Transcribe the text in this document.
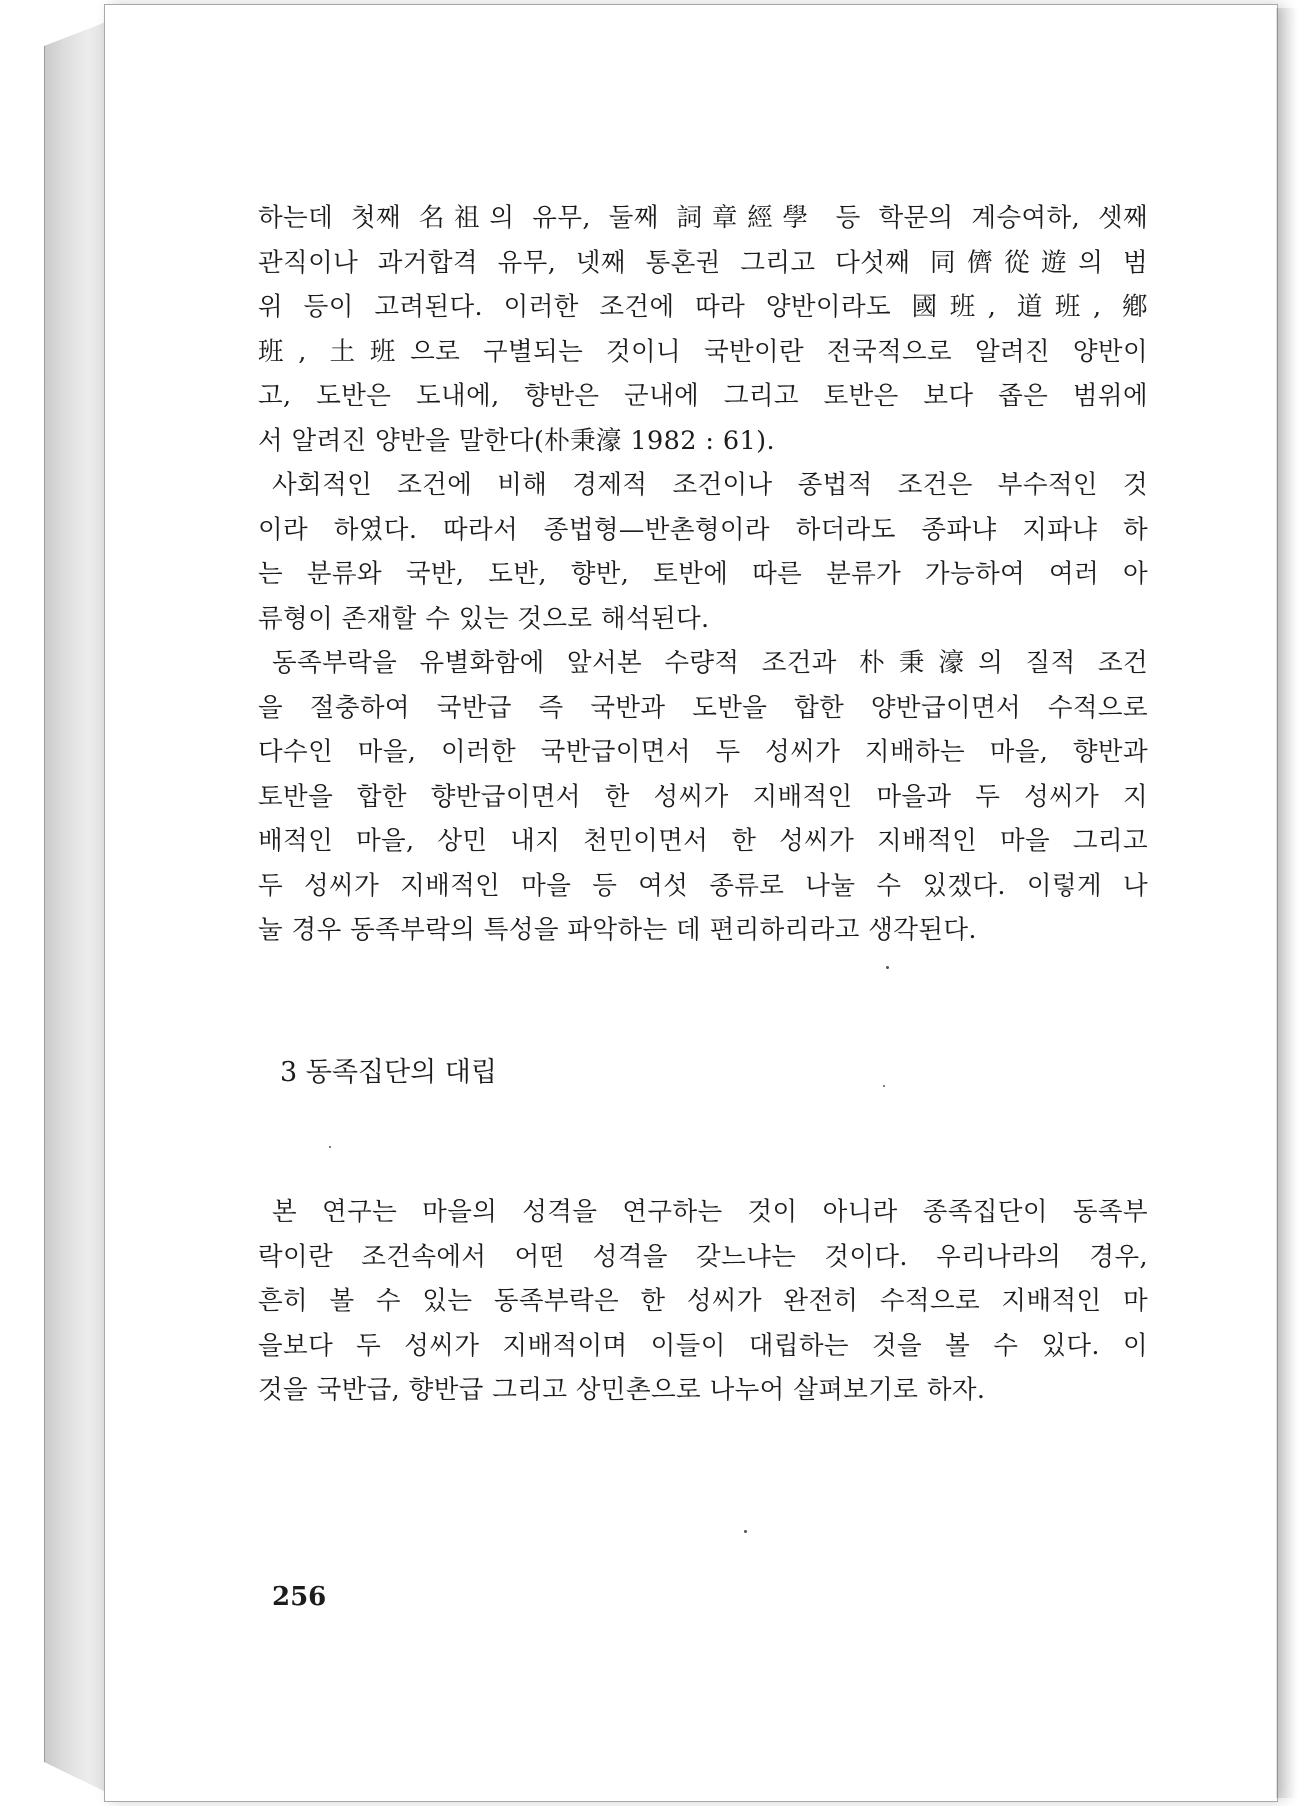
하는데 첫째 名祖의 유무, 둘째 詞章經學 등 학문의 계승여하, 셋째
관직이나 과거합격 유무, 넷째 통혼권 그리고 다섯째 同儕從遊의 범
위 등이 고려된다. 이러한 조건에 따라 양반이라도 國班, 道班, 鄕
班, 土班으로 구별되는 것이니 국반이란 전국적으로 알려진 양반이
고, 도반은 도내에, 향반은 군내에 그리고 토반은 보다 좁은 범위에
서 알려진 양반을 말한다(朴秉濠 1982 : 61).
사회적인 조건에 비해 경제적 조건이나 종법적 조건은 부수적인 것
이라 하였다. 따라서 종법형—반촌형이라 하더라도 종파냐 지파냐 하
는 분류와 국반, 도반, 향반, 토반에 따른 분류가 가능하여 여러 아
류형이 존재할 수 있는 것으로 해석된다.
동족부락을 유별화함에 앞서본 수량적 조건과 朴秉濠의 질적 조건
을 절충하여 국반급 즉 국반과 도반을 합한 양반급이면서 수적으로
다수인 마을, 이러한 국반급이면서 두 성씨가 지배하는 마을, 향반과
토반을 합한 향반급이면서 한 성씨가 지배적인 마을과 두 성씨가 지
배적인 마을, 상민 내지 천민이면서 한 성씨가 지배적인 마을 그리고
두 성씨가 지배적인 마을 등 여섯 종류로 나눌 수 있겠다. 이렇게 나
눌 경우 동족부락의 특성을 파악하는 데 편리하리라고 생각된다.
3 동족집단의 대립
본 연구는 마을의 성격을 연구하는 것이 아니라 종족집단이 동족부
락이란 조건속에서 어떤 성격을 갖느냐는 것이다. 우리나라의 경우,
흔히 볼 수 있는 동족부락은 한 성씨가 완전히 수적으로 지배적인 마
을보다 두 성씨가 지배적이며 이들이 대립하는 것을 볼 수 있다. 이
것을 국반급, 향반급 그리고 상민촌으로 나누어 살펴보기로 하자.
256
